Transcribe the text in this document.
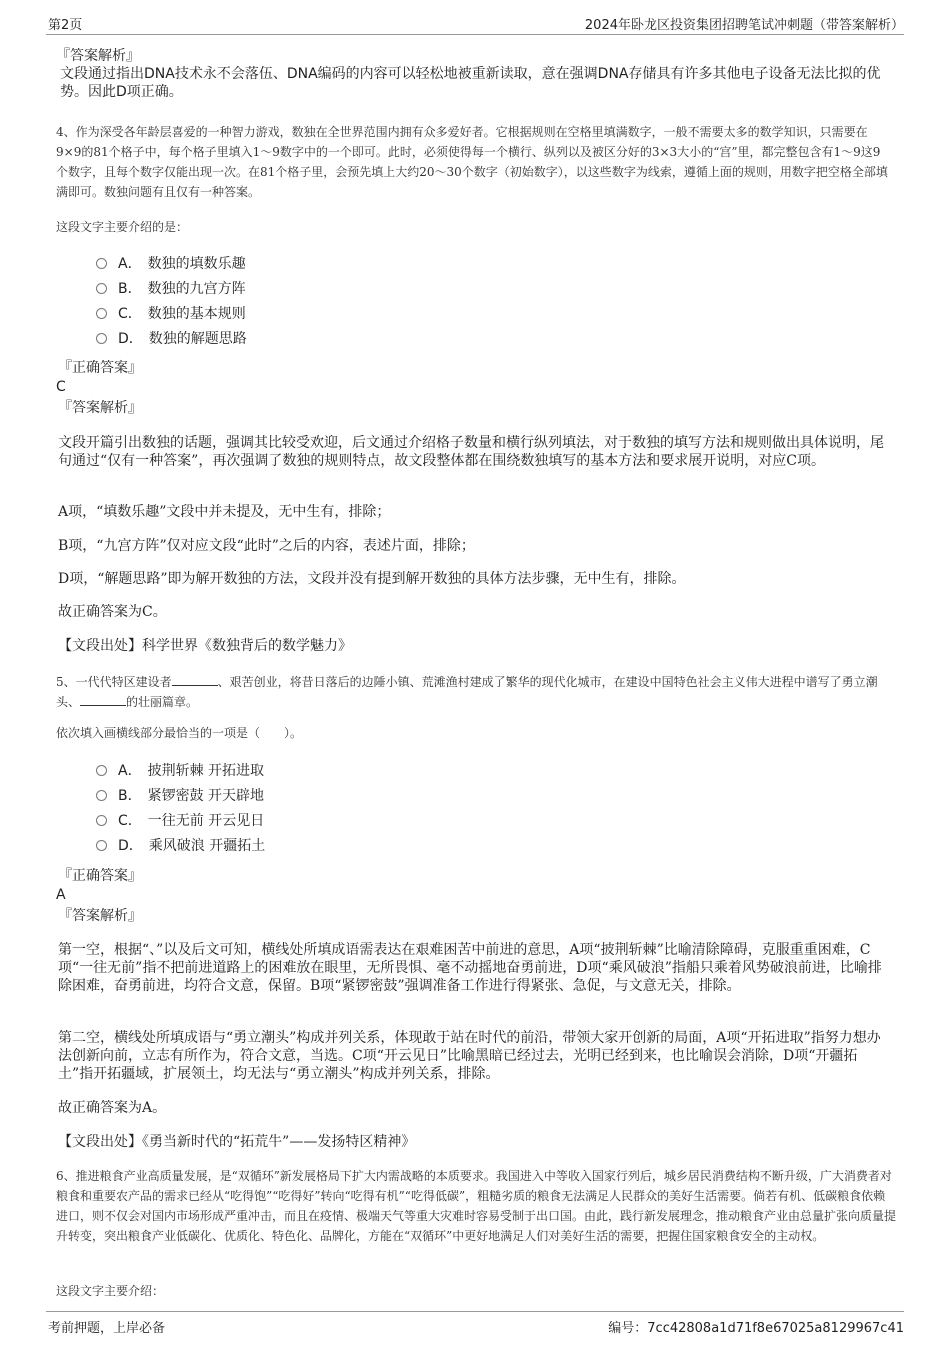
第2页	2024年卧龙区投资集团招聘笔试冲刺题（带答案解析）
『答案解析』

文段通过指出DNA技术永不会落伍、DNA编码的内容可以轻松地被重新读取，意在强调DNA存储具有许多其他电子设备无法比拟的优势。因此D项正确。

4、作为深受各年龄层喜爱的一种智力游戏，数独在全世界范围内拥有众多爱好者。它根据规则在空格里填满数字，一般不需要太多的数学知识，只需要在9×9的81个格子中，每个格子里填入1～9数字中的一个即可。此时，必须使得每一个横行、纵列以及被区分好的3×3大小的“宫”里，都完整包含有1～9这9个数字，且每个数字仅能出现一次。在81个格子里，会预先填上大约20～30个数字（初始数字），以这些数字为线索，遵循上面的规则，用数字把空格全部填满即可。数独问题有且仅有一种答案。

这段文字主要介绍的是：

A． 数独的填数乐趣
B． 数独的九宫方阵
C． 数独的基本规则
D． 数独的解题思路
『正确答案』
C
『答案解析』

文段开篇引出数独的话题，强调其比较受欢迎，后文通过介绍格子数量和横行纵列填法，对于数独的填写方法和规则做出具体说明，尾句通过“仅有一种答案”，再次强调了数独的规则特点，故文段整体都在围绕数独填写的基本方法和要求展开说明，对应C项。

A项，“填数乐趣”文段中并未提及，无中生有，排除；

B项，“九宫方阵”仅对应文段“此时”之后的内容，表述片面，排除；

D项，“解题思路”即为解开数独的方法，文段并没有提到解开数独的具体方法步骤，无中生有，排除。

故正确答案为C。

【文段出处】科学世界《数独背后的数学魅力》

5、一代代特区建设者	、艰苦创业，将昔日落后的边陲小镇、荒滩渔村建成了繁华的现代化城市，在建设中国特色社会主义伟大进程中谱写了勇立潮头、	的壮丽篇章。

依次填入画横线部分最恰当的一项是（　　）。

A． 披荆斩棘 开拓进取
B． 紧锣密鼓 开天辟地
C． 一往无前 开云见日
D． 乘风破浪 开疆拓土
『正确答案』
A
『答案解析』

第一空，根据“、”以及后文可知，横线处所填成语需表达在艰难困苦中前进的意思，A项“披荆斩棘”比喻清除障碍，克服重重困难，C项“一往无前”指不把前进道路上的困难放在眼里，无所畏惧、毫不动摇地奋勇前进，D项“乘风破浪”指船只乘着风势破浪前进，比喻排除困难，奋勇前进，均符合文意，保留。B项“紧锣密鼓”强调准备工作进行得紧张、急促，与文意无关，排除。

第二空，横线处所填成语与“勇立潮头”构成并列关系，体现敢于站在时代的前沿，带领大家开创新的局面，A项“开拓进取”指努力想办法创新向前，立志有所作为，符合文意，当选。C项“开云见日”比喻黑暗已经过去，光明已经到来，也比喻误会消除，D项“开疆拓土”指开拓疆域，扩展领土，均无法与“勇立潮头”构成并列关系，排除。

故正确答案为A。

【文段出处】《勇当新时代的“拓荒牛”——发扬特区精神》

6、推进粮食产业高质量发展，是“双循环”新发展格局下扩大内需战略的本质要求。我国进入中等收入国家行列后，城乡居民消费结构不断升级，广大消费者对粮食和重要农产品的需求已经从“吃得饱”“吃得好”转向“吃得有机”“吃得低碳”，粗糙劣质的粮食无法满足人民群众的美好生活需要。倘若有机、低碳粮食依赖进口，则不仅会对国内市场形成严重冲击，而且在疫情、极端天气等重大灾难时容易受制于出口国。由此，践行新发展理念，推动粮食产业由总量扩张向质量提升转变，突出粮食产业低碳化、优质化、特色化、品牌化，方能在“双循环”中更好地满足人们对美好生活的需要，把握住国家粮食安全的主动权。

这段文字主要介绍：

考前押题，上岸必备	编号：7cc42808a1d71f8e67025a8129967c41
